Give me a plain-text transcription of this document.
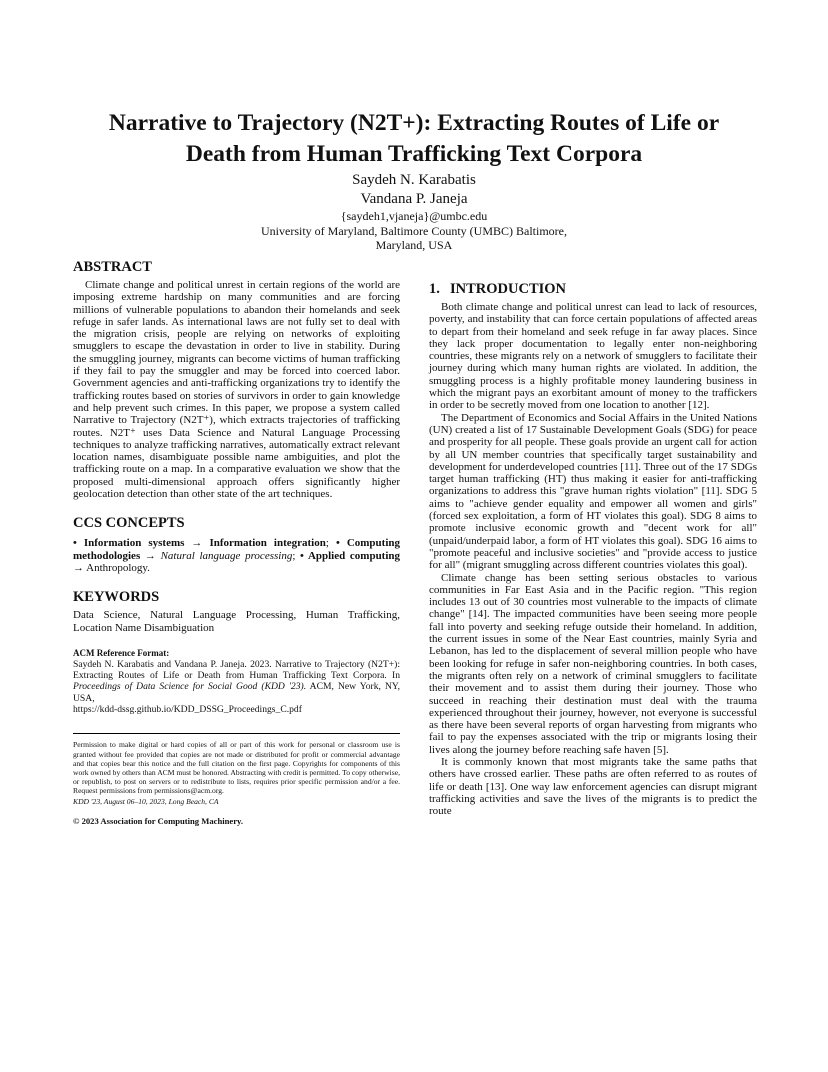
Narrative to Trajectory (N2T+): Extracting Routes of Life or
Death from Human Trafficking Text Corpora
Saydeh N. Karabatis
Vandana P. Janeja
{saydeh1,vjaneja}@umbc.edu
University of Maryland, Baltimore County (UMBC) Baltimore,
Maryland, USA
ABSTRACT

Climate change and political unrest in certain regions of the world are imposing extreme hardship on many communities and are forcing millions of vulnerable populations to abandon their homelands and seek refuge in safer lands. As international laws are not fully set to deal with the migration crisis, people are relying on networks of exploiting smugglers to escape the devastation in order to live in stability. During the smuggling journey, migrants can become victims of human trafficking if they fail to pay the smuggler and may be forced into coerced labor. Government agencies and anti-trafficking organizations try to identify the trafficking routes based on stories of survivors in order to gain knowledge and help prevent such crimes. In this paper, we propose a system called Narrative to Trajectory (N2T⁺), which extracts trajectories of trafficking routes. N2T⁺ uses Data Science and Natural Language Processing techniques to analyze trafficking narratives, automatically extract relevant location names, disambiguate possible name ambiguities, and plot the trafficking route on a map. In a comparative evaluation we show that the proposed multi-dimensional approach offers significantly higher geolocation detection than other state of the art techniques.

CCS CONCEPTS

• Information systems → Information integration; • Computing methodologies → Natural language processing; • Applied computing → Anthropology.

KEYWORDS

Data Science, Natural Language Processing, Human Trafficking, Location Name Disambiguation

ACM Reference Format:

Saydeh N. Karabatis and Vandana P. Janeja. 2023. Narrative to Trajectory (N2T+): Extracting Routes of Life or Death from Human Trafficking Text Corpora. In Proceedings of Data Science for Social Good (KDD '23). ACM, New York, NY, USA,
https://kdd-dssg.github.io/KDD_DSSG_Proceedings_C.pdf

Permission to make digital or hard copies of all or part of this work for personal or classroom use is granted without fee provided that copies are not made or distributed for profit or commercial advantage and that copies bear this notice and the full citation on the first page. Copyrights for components of this work owned by others than ACM must be honored. Abstracting with credit is permitted. To copy otherwise, or republish, to post on servers or to redistribute to lists, requires prior specific permission and/or a fee. Request permissions from permissions@acm.org.

KDD '23, August 06–10, 2023, Long Beach, CA

© 2023 Association for Computing Machinery.

1. INTRODUCTION

Both climate change and political unrest can lead to lack of resources, poverty, and instability that can force certain populations of affected areas to depart from their homeland and seek refuge in far away places. Since they lack proper documentation to legally enter non-neighboring countries, these migrants rely on a network of smugglers to facilitate their journey during which many human rights are violated. In addition, the smuggling process is a highly profitable money laundering business in which the migrant pays an exorbitant amount of money to the traffickers in order to be secretly moved from one location to another [12].

The Department of Economics and Social Affairs in the United Nations (UN) created a list of 17 Sustainable Development Goals (SDG) for peace and prosperity for all people. These goals provide an urgent call for action by all UN member countries that specifically target sustainability and development for underdeveloped countries [11]. Three out of the 17 SDGs target human trafficking (HT) thus making it easier for anti-trafficking organizations to address this "grave human rights violation" [11]. SDG 5 aims to "achieve gender equality and empower all women and girls" (forced sex exploitation, a form of HT violates this goal). SDG 8 aims to promote inclusive economic growth and "decent work for all" (unpaid/underpaid labor, a form of HT violates this goal). SDG 16 aims to "promote peaceful and inclusive societies" and "provide access to justice for all" (migrant smuggling across different countries violates this goal).

Climate change has been setting serious obstacles to various communities in Far East Asia and in the Pacific region. "This region includes 13 out of 30 countries most vulnerable to the impacts of climate change" [14]. The impacted communities have been seeing more people fall into poverty and seeking refuge outside their homeland. In addition, the current issues in some of the Near East countries, mainly Syria and Lebanon, has led to the displacement of several million people who have been looking for refuge in safer non-neighboring countries. In both cases, the migrants often rely on a network of criminal smugglers to facilitate their movement and to assist them during their journey. Those who succeed in reaching their destination must deal with the trauma experienced throughout their journey, however, not everyone is successful as there have been several reports of organ harvesting from migrants who fail to pay the expenses associated with the trip or migrants losing their lives along the journey before reaching safe haven [5].

It is commonly known that most migrants take the same paths that others have crossed earlier. These paths are often referred to as routes of life or death [13]. One way law enforcement agencies can disrupt migrant trafficking activities and save the lives of the migrants is to predict the route
